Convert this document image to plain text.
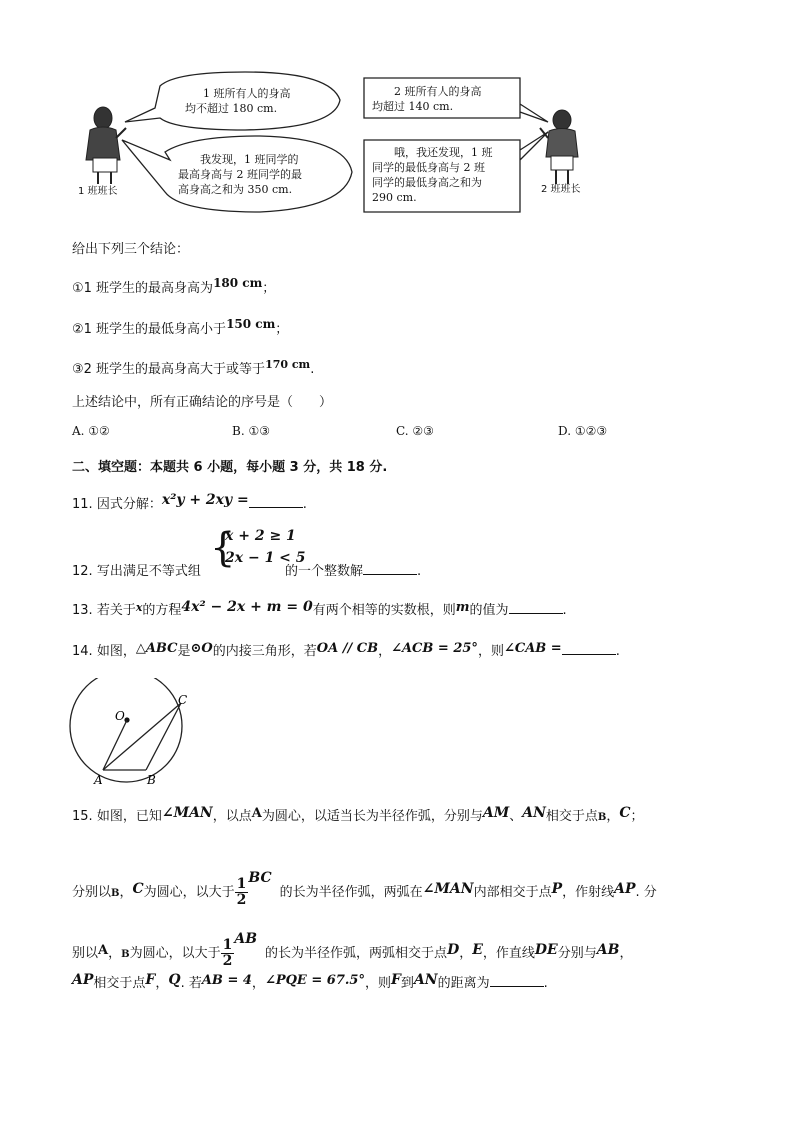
1 班所有人的身高
均不超过 180 cm.
我发现，1 班同学的
最高身高与 2 班同学的最
高身高之和为 350 cm.
2 班所有人的身高
均超过 140 cm.
哦，我还发现，1 班
同学的最低身高与 2 班
同学的最低身高之和为
290 cm.
1 班班长	2 班班长
给出下列三个结论：
①1 班学生的最高身高为180 cm；
②1 班学生的最低身高小于150 cm；
③2 班学生的最高身高大于或等于$^{170 cm}$.
上述结论中，所有正确结论的序号是（　　）
A. ①②	B. ①③	C. ②③	D. ①②③
二、填空题：本题共 6 小题，每小题 3 分，共 18 分.
11. 因式分解：x²y + 2xy =	.
{
x + 2 ≥ 1
2x − 1 < 5
12. 写出满足不等式组	的一个整数解	.
13. 若关于$^x$的方程4x² − 2x + m = 0有两个相等的实数根，则m的值为	.
14. 如图，△ABC是⊙O的内接三角形，若OA // CB，∠ACB = 25°，则∠CAB =	.
O
A	B
C
15. 如图，已知∠MAN，以点A为圆心，以适当长为半径作弧，分别与AM、AN相交于点B，C；
分别以B，C为圆心，以大于 $\frac{1}{2}$ BC的长为半径作弧，两弧在∠MAN内部相交于点P，作射线AP. 分
别以A，B为圆心，以大于 $\frac{1}{2}$ AB的长为半径作弧，两弧相交于点D，E，作直线DE分别与AB，
AP相交于点F，Q. 若AB = 4，∠PQE = 67.5°，则F到AN的距离为	.
